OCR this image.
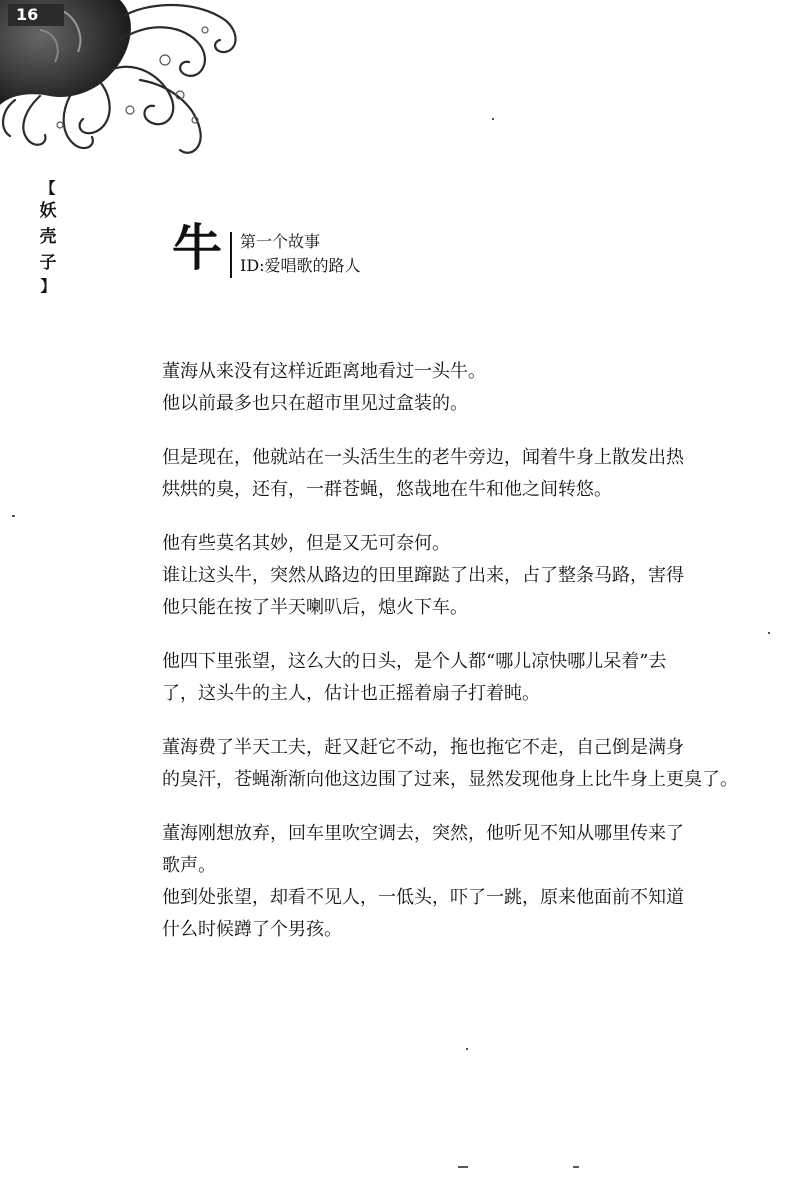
16
【
妖
壳
子
】
牛 第一个故事
ID:爱唱歌的路人

董海从来没有这样近距离地看过一头牛。

他以前最多也只在超市里见过盒装的。

但是现在，他就站在一头活生生的老牛旁边，闻着牛身上散发出热

烘烘的臭，还有，一群苍蝇，悠哉地在牛和他之间转悠。

他有些莫名其妙，但是又无可奈何。

谁让这头牛，突然从路边的田里蹿跶了出来，占了整条马路，害得

他只能在按了半天喇叭后，熄火下车。

他四下里张望，这么大的日头，是个人都“哪儿凉快哪儿呆着”去

了，这头牛的主人，估计也正摇着扇子打着盹。

董海费了半天工夫，赶又赶它不动，拖也拖它不走，自己倒是满身

的臭汗，苍蝇渐渐向他这边围了过来，显然发现他身上比牛身上更臭了。

董海刚想放弃，回车里吹空调去，突然，他听见不知从哪里传来了

歌声。

他到处张望，却看不见人，一低头，吓了一跳，原来他面前不知道

什么时候蹲了个男孩。
